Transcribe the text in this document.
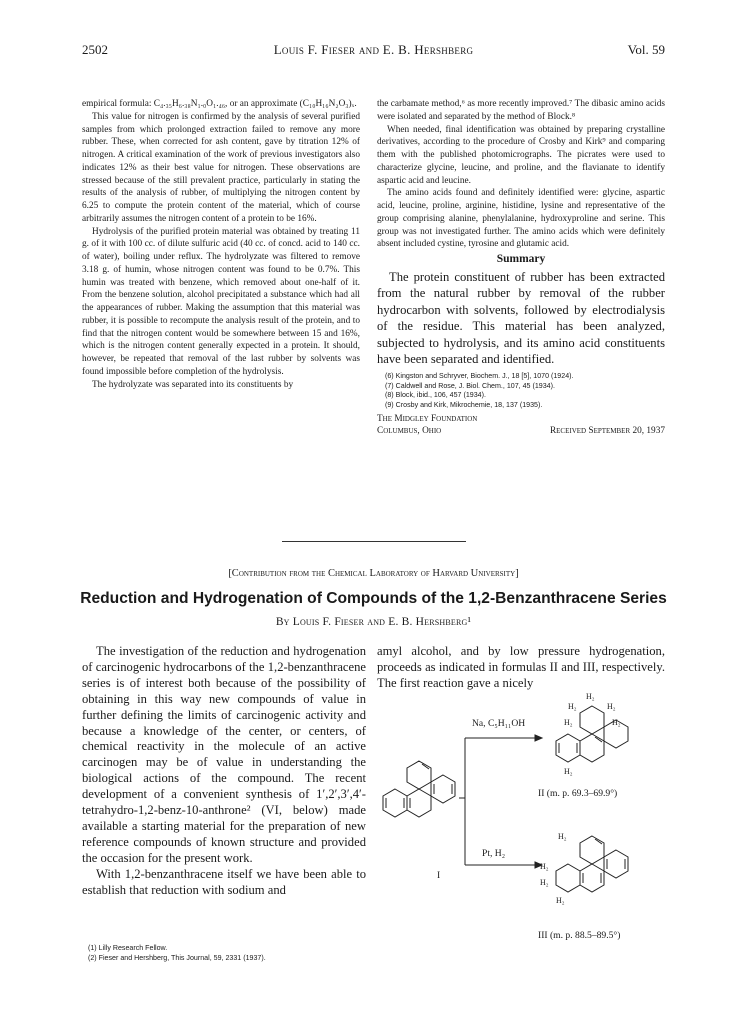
2502	Louis F. Fieser and E. B. Hershberg	Vol. 59

empirical formula: C₄.₃₅H₆.₃₈N₁.₀O₁.₄₆, or an approximate (C₁₀H₁₆N₂O₃)ₓ.

This value for nitrogen is confirmed by the analysis of several purified samples from which prolonged extraction failed to remove any more rubber. These, when corrected for ash content, gave by titration 12% of nitrogen. A critical examination of the work of previous investigators also indicates 12% as their best value for nitrogen. These observations are stressed because of the still prevalent practice, particularly in stating the results of the analysis of rubber, of multiplying the nitrogen content by 6.25 to compute the protein content of the material, which of course arbitrarily assumes the nitrogen content of a protein to be 16%.

Hydrolysis of the purified protein material was obtained by treating 11 g. of it with 100 cc. of dilute sulfuric acid (40 cc. of concd. acid to 140 cc. of water), boiling under reflux. The hydrolyzate was filtered to remove 3.18 g. of humin, whose nitrogen content was found to be 0.7%. This humin was treated with benzene, which removed about one-half of it. From the benzene solution, alcohol precipitated a substance which had all the appearances of rubber. Making the assumption that this material was rubber, it is possible to recompute the analysis result of the protein, and to find that the nitrogen content would be somewhere between 15 and 16%, which is the nitrogen content generally expected in a protein. It should, however, be repeated that removal of the last rubber by solvents was found impossible before completion of the hydrolysis.

The hydrolyzate was separated into its constituents by

the carbamate method,⁶ as more recently improved.⁷ The dibasic amino acids were isolated and separated by the method of Block.⁸

When needed, final identification was obtained by preparing crystalline derivatives, according to the procedure of Crosby and Kirk⁹ and comparing them with the published photomicrographs. The picrates were used to characterize glycine, leucine, and proline, and the flavianate to identify aspartic acid and leucine.

The amino acids found and definitely identified were: glycine, aspartic acid, leucine, proline, arginine, histidine, lysine and representative of the group comprising alanine, phenylalanine, hydroxyproline and serine. This group was not investigated further. The amino acids which were definitely absent included cystine, tyrosine and glutamic acid.

Summary

The protein constituent of rubber has been extracted from the natural rubber by removal of the rubber hydrocarbon with solvents, followed by electrodialysis of the residue. This material has been analyzed, subjected to hydrolysis, and its amino acid constituents have been separated and identified.

(6) Kingston and Schryver, Biochem. J., 18 [5], 1070 (1924).
(7) Caldwell and Rose, J. Biol. Chem., 107, 45 (1934).
(8) Block, ibid., 106, 457 (1934).
(9) Crosby and Kirk, Mikrochemie, 18, 137 (1935).
The Midgley Foundation
Columbus, Ohio	Received September 20, 1937
[Contribution from the Chemical Laboratory of Harvard University]
Reduction and Hydrogenation of Compounds of the 1,2-Benzanthracene Series
By Louis F. Fieser and E. B. Hershberg¹

The investigation of the reduction and hydrogenation of carcinogenic hydrocarbons of the 1,2-benzanthracene series is of interest both because of the possibility of obtaining in this way new compounds of value in further defining the limits of carcinogenic activity and because a knowledge of the center, or centers, of chemical reactivity in the molecule of an active carcinogen may be of value in understanding the biological actions of the compound. The recent development of a convenient synthesis of 1′,2′,3′,4′-tetrahydro-1,2-benz-10-anthrone² (VI, below) made available a starting material for the preparation of new reference compounds of known structure and provided the occasion for the present work.

With 1,2-benzanthracene itself we have been able to establish that reduction with sodium and

amyl alcohol, and by low pressure hydrogenation, proceeds as indicated in formulas II and III, respectively. The first reaction gave a nicely

(1) Lilly Research Fellow.
(2) Fieser and Hershberg, This Journal, 59, 2331 (1937).
I
Na, C₅H₁₁OH
Pt, H₂
H₂
H₂	H₂
H₂
H₂
H₂
II (m. p. 69.3–69.9°)
H₂
H₂
H₂
H₂
III (m. p. 88.5–89.5°)
